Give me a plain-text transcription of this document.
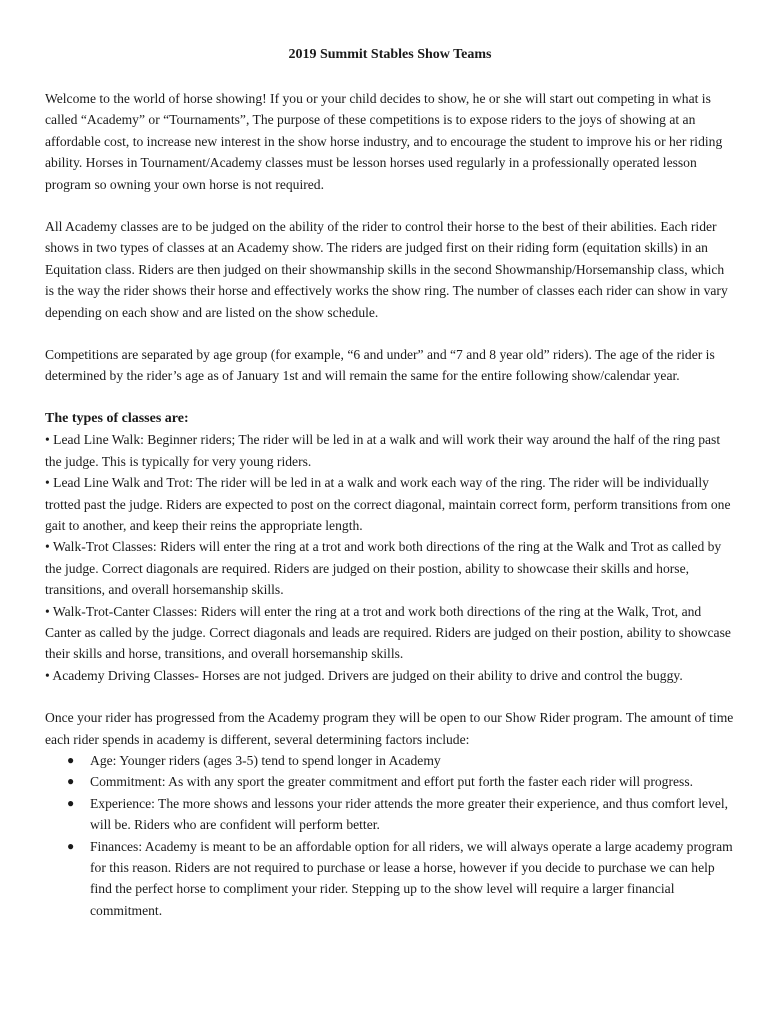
2019 Summit Stables Show Teams

Welcome to the world of horse showing! If you or your child decides to show, he or she will start out competing in what is called “Academy” or “Tournaments”, The purpose of these competitions is to expose riders to the joys of showing at an affordable cost, to increase new interest in the show horse industry, and to encourage the student to improve his or her riding ability. Horses in Tournament/Academy classes must be lesson horses used regularly in a professionally operated lesson program so owning your own horse is not required.

All Academy classes are to be judged on the ability of the rider to control their horse to the best of their abilities. Each rider shows in two types of classes at an Academy show. The riders are judged first on their riding form (equitation skills) in an Equitation class. Riders are then judged on their showmanship skills in the second Showmanship/Horsemanship class, which is the way the rider shows their horse and effectively works the show ring. The number of classes each rider can show in vary depending on each show and are listed on the show schedule.

Competitions are separated by age group (for example, “6 and under” and “7 and 8 year old” riders). The age of the rider is determined by the rider’s age as of January 1st and will remain the same for the entire following show/calendar year.

The types of classes are:
• Lead Line Walk: Beginner riders; The rider will be led in at a walk and will work their way around the half of the ring past the judge. This is typically for very young riders.
• Lead Line Walk and Trot: The rider will be led in at a walk and work each way of the ring. The rider will be individually trotted past the judge. Riders are expected to post on the correct diagonal, maintain correct form, perform transitions from one gait to another, and keep their reins the appropriate length.
• Walk-Trot Classes: Riders will enter the ring at a trot and work both directions of the ring at the Walk and Trot as called by the judge. Correct diagonals are required. Riders are judged on their postion, ability to showcase their skills and horse, transitions, and overall horsemanship skills.
• Walk-Trot-Canter Classes: Riders will enter the ring at a trot and work both directions of the ring at the Walk, Trot, and Canter as called by the judge. Correct diagonals and leads are required. Riders are judged on their postion, ability to showcase their skills and horse, transitions, and overall horsemanship skills.
• Academy Driving Classes- Horses are not judged. Drivers are judged on their ability to drive and control the buggy.
Once your rider has progressed from the Academy program they will be open to our Show Rider program. The amount of time each rider spends in academy is different, several determining factors include:
● Age: Younger riders (ages 3-5) tend to spend longer in Academy
● Commitment: As with any sport the greater commitment and effort put forth the faster each rider will progress.
● Experience: The more shows and lessons your rider attends the more greater their experience, and thus comfort level, will be. Riders who are confident will perform better.
● Finances: Academy is meant to be an affordable option for all riders, we will always operate a large academy program for this reason. Riders are not required to purchase or lease a horse, however if you decide to purchase we can help find the perfect horse to compliment your rider. Stepping up to the show level will require a larger financial commitment.
